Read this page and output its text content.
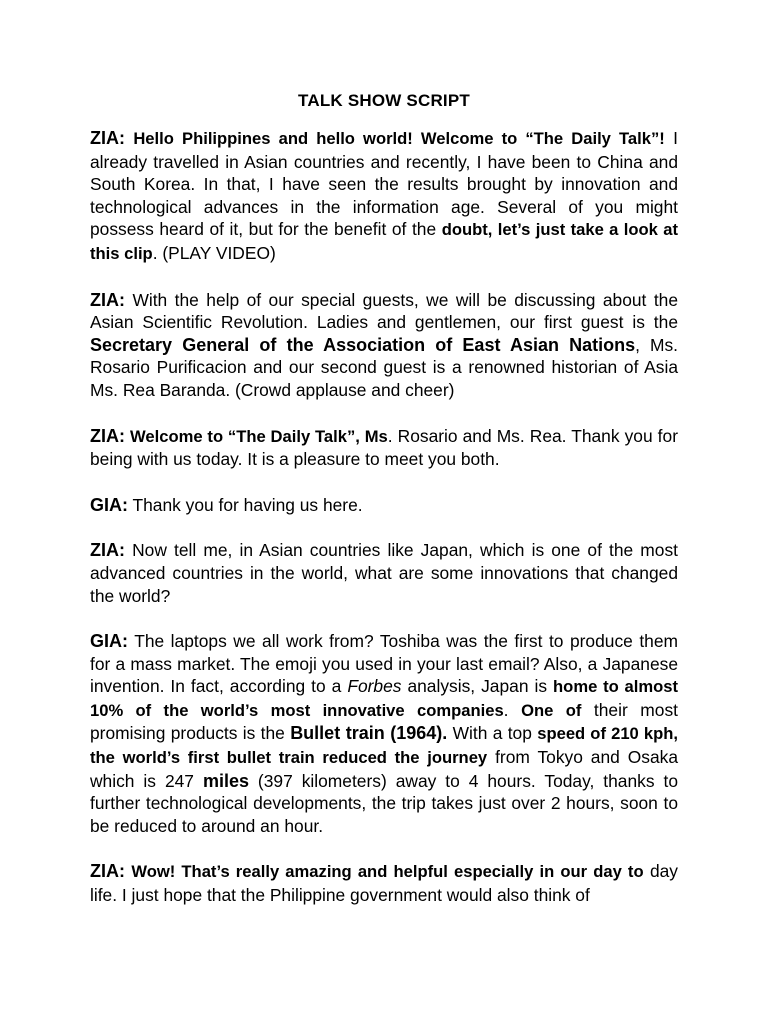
TALK SHOW SCRIPT
ZIA: Hello Philippines and hello world! Welcome to “The Daily Talk”! I already travelled in Asian countries and recently, I have been to China and South Korea. In that, I have seen the results brought by innovation and technological advances in the information age. Several of you might possess heard of it, but for the benefit of the doubt, let’s just take a look at this clip. (PLAY VIDEO)
ZIA: With the help of our special guests, we will be discussing about the Asian Scientific Revolution. Ladies and gentlemen, our first guest is the Secretary General of the Association of East Asian Nations, Ms. Rosario Purificacion and our second guest is a renowned historian of Asia Ms. Rea Baranda. (Crowd applause and cheer)
ZIA: Welcome to “The Daily Talk”, Ms. Rosario and Ms. Rea. Thank you for being with us today. It is a pleasure to meet you both.
GIA: Thank you for having us here.
ZIA: Now tell me, in Asian countries like Japan, which is one of the most advanced countries in the world, what are some innovations that changed the world?
GIA: The laptops we all work from? Toshiba was the first to produce them for a mass market. The emoji you used in your last email? Also, a Japanese invention. In fact, according to a Forbes analysis, Japan is home to almost 10% of the world’s most innovative companies. One of their most promising products is the Bullet train (1964). With a top speed of 210 kph, the world’s first bullet train reduced the journey from Tokyo and Osaka which is 247 miles (397 kilometers) away to 4 hours. Today, thanks to further technological developments, the trip takes just over 2 hours, soon to be reduced to around an hour.
ZIA: Wow! That’s really amazing and helpful especially in our day to day life. I just hope that the Philippine government would also think of
